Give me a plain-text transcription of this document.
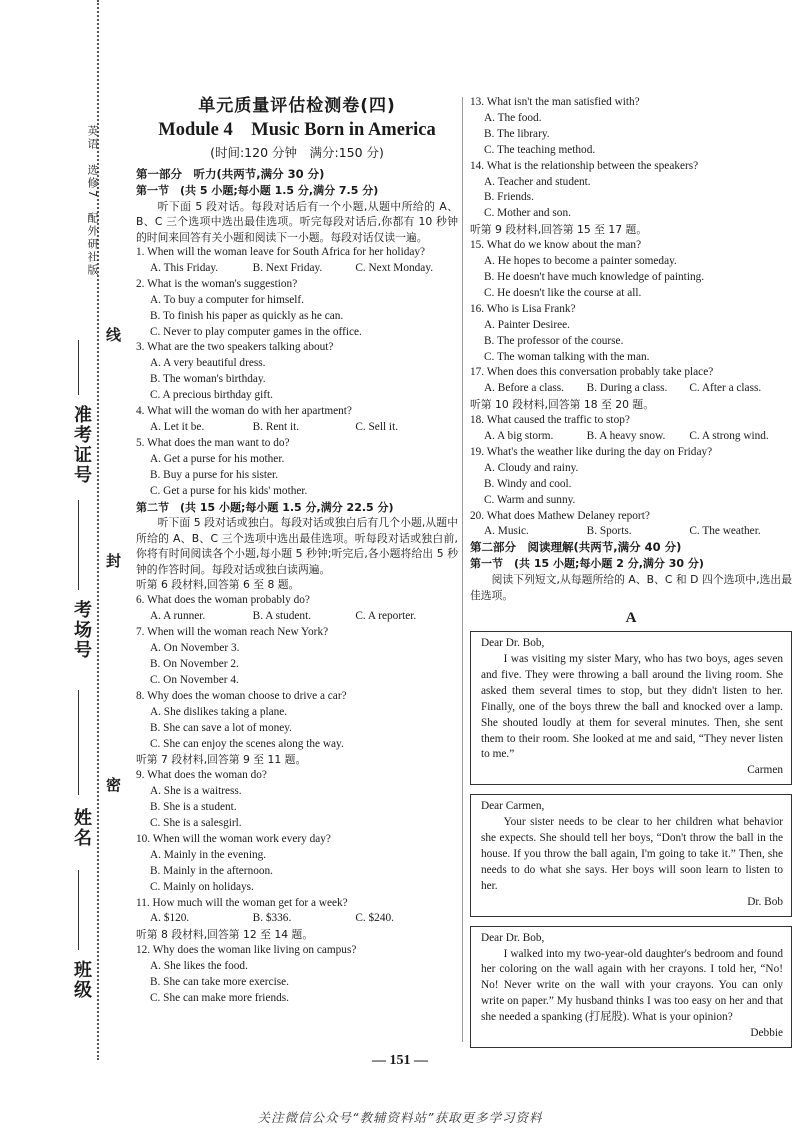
英语　选修7　配外研社版
线
封
密
准考证号
考场号
姓名
班级
单元质量评估检测卷(四)
Module 4　Music Born in America
(时间:120 分钟　满分:150 分)
第一部分　听力(共两节,满分 30 分)
第一节　(共 5 小题;每小题 1.5 分,满分 7.5 分)
听下面 5 段对话。每段对话后有一个小题,从题中所给的 A、B、C 三个选项中选出最佳选项。听完每段对话后,你都有 10 秒钟的时间来回答有关小题和阅读下一小题。每段对话仅读一遍。
1. When will the woman leave for South Africa for her holiday?
A. This Friday.	B. Next Friday.	C. Next Monday.
2. What is the woman's suggestion?
A. To buy a computer for himself.
B. To finish his paper as quickly as he can.
C. Never to play computer games in the office.
3. What are the two speakers talking about?
A. A very beautiful dress.
B. The woman's birthday.
C. A precious birthday gift.
4. What will the woman do with her apartment?
A. Let it be.	B. Rent it.	C. Sell it.
5. What does the man want to do?
A. Get a purse for his mother.
B. Buy a purse for his sister.
C. Get a purse for his kids' mother.
第二节　(共 15 小题;每小题 1.5 分,满分 22.5 分)
听下面 5 段对话或独白。每段对话或独白后有几个小题,从题中所给的 A、B、C 三个选项中选出最佳选项。听每段对话或独白前,你将有时间阅读各个小题,每小题 5 秒钟;听完后,各小题将给出 5 秒钟的作答时间。每段对话或独白读两遍。
听第 6 段材料,回答第 6 至 8 题。
6. What does the woman probably do?
A. A runner.	B. A student.	C. A reporter.
7. When will the woman reach New York?
A. On November 3.
B. On November 2.
C. On November 4.
8. Why does the woman choose to drive a car?
A. She dislikes taking a plane.
B. She can save a lot of money.
C. She can enjoy the scenes along the way.
听第 7 段材料,回答第 9 至 11 题。
9. What does the woman do?
A. She is a waitress.
B. She is a student.
C. She is a salesgirl.
10. When will the woman work every day?
A. Mainly in the evening.
B. Mainly in the afternoon.
C. Mainly on holidays.
11. How much will the woman get for a week?
A. $120.	B. $336.	C. $240.
听第 8 段材料,回答第 12 至 14 题。
12. Why does the woman like living on campus?
A. She likes the food.
B. She can take more exercise.
C. She can make more friends.
13. What isn't the man satisfied with?
A. The food.
B. The library.
C. The teaching method.
14. What is the relationship between the speakers?
A. Teacher and student.
B. Friends.
C. Mother and son.
听第 9 段材料,回答第 15 至 17 题。
15. What do we know about the man?
A. He hopes to become a painter someday.
B. He doesn't have much knowledge of painting.
C. He doesn't like the course at all.
16. Who is Lisa Frank?
A. Painter Desiree.
B. The professor of the course.
C. The woman talking with the man.
17. When does this conversation probably take place?
A. Before a class.	B. During a class.	C. After a class.
听第 10 段材料,回答第 18 至 20 题。
18. What caused the traffic to stop?
A. A big storm.	B. A heavy snow.	C. A strong wind.
19. What's the weather like during the day on Friday?
A. Cloudy and rainy.
B. Windy and cool.
C. Warm and sunny.
20. What does Mathew Delaney report?
A. Music.	B. Sports.	C. The weather.
第二部分　阅读理解(共两节,满分 40 分)
第一节　(共 15 小题;每小题 2 分,满分 30 分)
阅读下列短文,从每题所给的 A、B、C 和 D 四个选项中,选出最佳选项。
A
Dear Dr. Bob,
I was visiting my sister Mary, who has two boys, ages seven and five. They were throwing a ball around the living room. She asked them several times to stop, but they didn't listen to her. Finally, one of the boys threw the ball and knocked over a lamp. She shouted loudly at them for several minutes. Then, she sent them to their room. She looked at me and said, “They never listen to me.”
Carmen
Dear Carmen,
Your sister needs to be clear to her children what behavior she expects. She should tell her boys, “Don't throw the ball in the house. If you throw the ball again, I'm going to take it.” Then, she needs to do what she says. Her boys will soon learn to listen to her.
Dr. Bob
Dear Dr. Bob,
I walked into my two-year-old daughter's bedroom and found her coloring on the wall again with her crayons. I told her, “No! No! Never write on the wall with your crayons. You can only write on paper.” My husband thinks I was too easy on her and that she needed a spanking (打屁股). What is your opinion?
Debbie
— 151 —
关注微信公众号“教辅资料站”获取更多学习资料
